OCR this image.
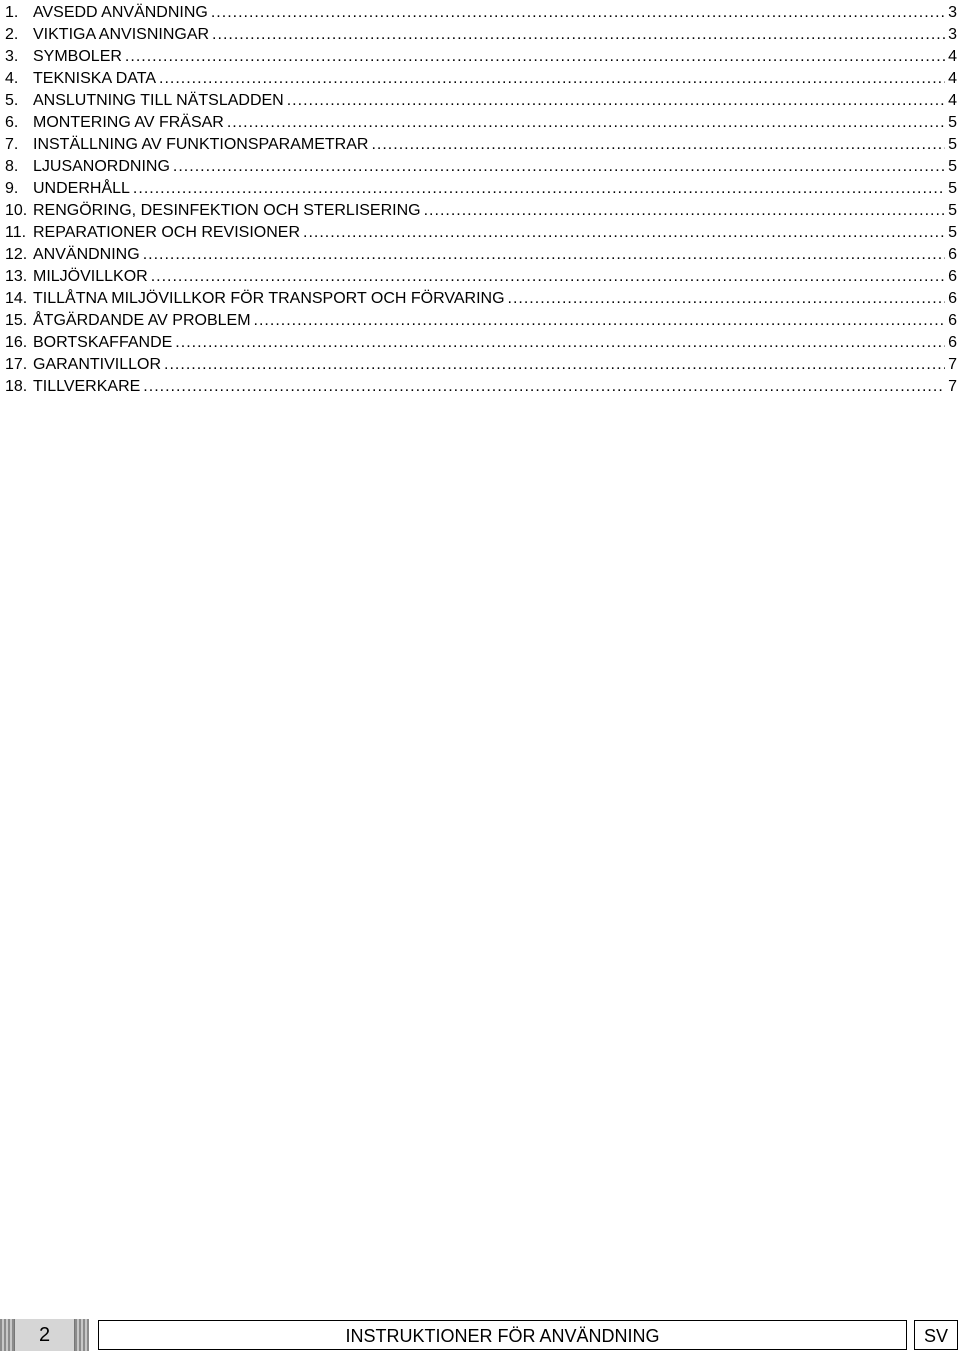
1. AVSEDD ANVÄNDNING .....	3
2. VIKTIGA ANVISNINGAR .....	3
3. SYMBOLER .....	4
4. TEKNISKA DATA .....	4
5. ANSLUTNING TILL NÄTSLADDEN .....	4
6. MONTERING AV FRÄSAR .....	5
7. INSTÄLLNING AV FUNKTIONSPARAMETRAR .....	5
8. LJUSANORDNING .....	5
9. UNDERHÅLL .....	5
10. RENGÖRING, DESINFEKTION OCH STERLISERING .....	5
11. REPARATIONER OCH REVISIONER .....	5
12. ANVÄNDNING .....	6
13. MILJÖVILLKOR .....	6
14. TILLÅTNA MILJÖVILLKOR FÖR TRANSPORT OCH FÖRVARING .....	6
15. ÅTGÄRDANDE AV PROBLEM .....	6
16. BORTSKAFFANDE .....	6
17. GARANTIVILLOR .....	7
18. TILLVERKARE .....	7
2	INSTRUKTIONER FÖR ANVÄNDNING	SV
